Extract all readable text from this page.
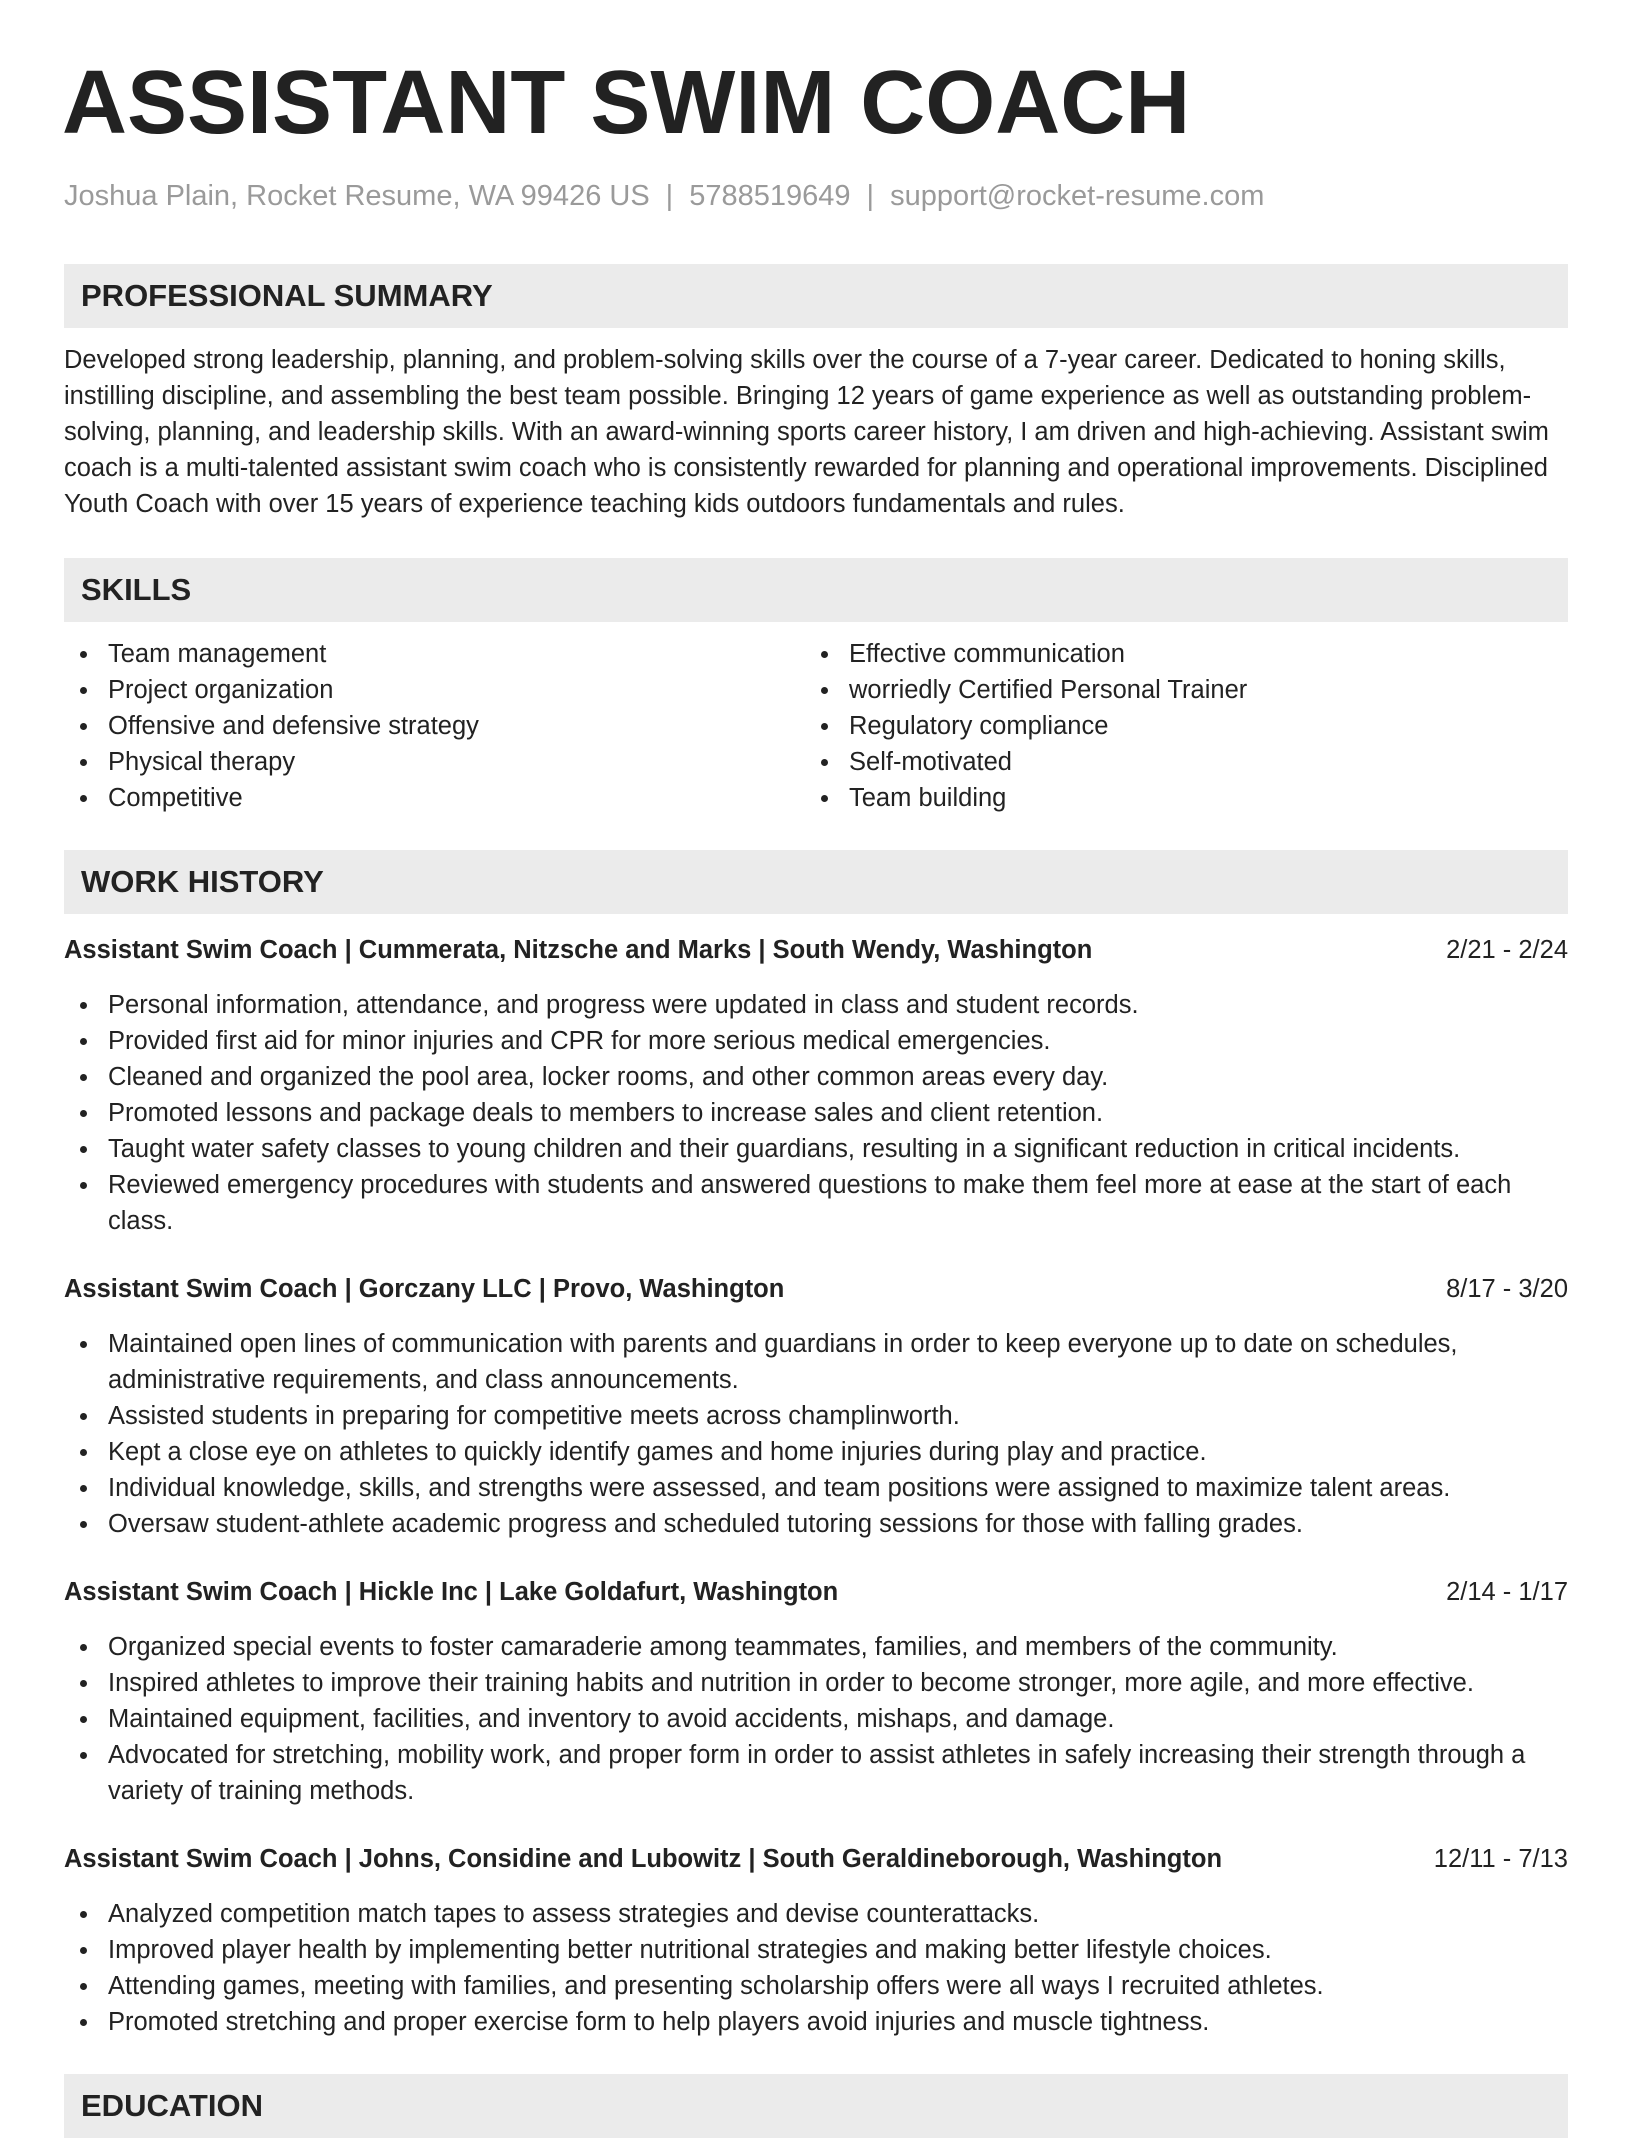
ASSISTANT SWIM COACH
Joshua Plain, Rocket Resume, WA 99426 US | 5788519649 | support@rocket-resume.com
PROFESSIONAL SUMMARY
Developed strong leadership, planning, and problem-solving skills over the course of a 7-year career. Dedicated to honing skills, instilling discipline, and assembling the best team possible. Bringing 12 years of game experience as well as outstanding problem-solving, planning, and leadership skills. With an award-winning sports career history, I am driven and high-achieving. Assistant swim coach is a multi-talented assistant swim coach who is consistently rewarded for planning and operational improvements. Disciplined Youth Coach with over 15 years of experience teaching kids outdoors fundamentals and rules.
SKILLS
Team management
Project organization
Offensive and defensive strategy
Physical therapy
Competitive
Effective communication
worriedly Certified Personal Trainer
Regulatory compliance
Self-motivated
Team building
WORK HISTORY
Assistant Swim Coach | Cummerata, Nitzsche and Marks | South Wendy, Washington	2/21 - 2/24
Personal information, attendance, and progress were updated in class and student records.
Provided first aid for minor injuries and CPR for more serious medical emergencies.
Cleaned and organized the pool area, locker rooms, and other common areas every day.
Promoted lessons and package deals to members to increase sales and client retention.
Taught water safety classes to young children and their guardians, resulting in a significant reduction in critical incidents.
Reviewed emergency procedures with students and answered questions to make them feel more at ease at the start of each class.
Assistant Swim Coach | Gorczany LLC | Provo, Washington	8/17 - 3/20
Maintained open lines of communication with parents and guardians in order to keep everyone up to date on schedules, administrative requirements, and class announcements.
Assisted students in preparing for competitive meets across champlinworth.
Kept a close eye on athletes to quickly identify games and home injuries during play and practice.
Individual knowledge, skills, and strengths were assessed, and team positions were assigned to maximize talent areas.
Oversaw student-athlete academic progress and scheduled tutoring sessions for those with falling grades.
Assistant Swim Coach | Hickle Inc | Lake Goldafurt, Washington	2/14 - 1/17
Organized special events to foster camaraderie among teammates, families, and members of the community.
Inspired athletes to improve their training habits and nutrition in order to become stronger, more agile, and more effective.
Maintained equipment, facilities, and inventory to avoid accidents, mishaps, and damage.
Advocated for stretching, mobility work, and proper form in order to assist athletes in safely increasing their strength through a variety of training methods.
Assistant Swim Coach | Johns, Considine and Lubowitz | South Geraldineborough, Washington	12/11 - 7/13
Analyzed competition match tapes to assess strategies and devise counterattacks.
Improved player health by implementing better nutritional strategies and making better lifestyle choices.
Attending games, meeting with families, and presenting scholarship offers were all ways I recruited athletes.
Promoted stretching and proper exercise form to help players avoid injuries and muscle tightness.
EDUCATION
